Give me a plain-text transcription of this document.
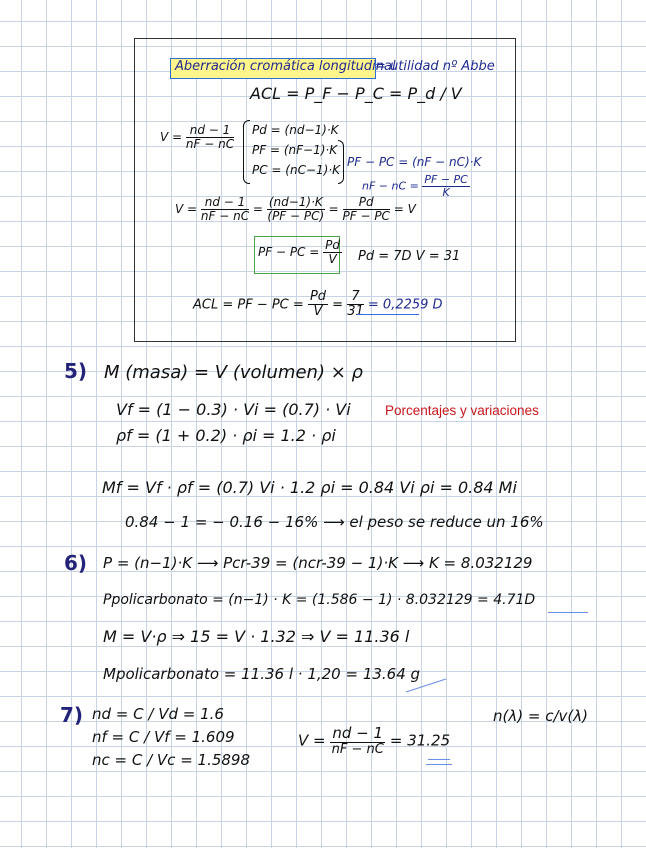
Aberración cromática longitudinal
= utilidad nº Abbe
ACL = P_F − P_C = P_d / V
$V = \frac{nd - 1}{nF - nC}$ Pd = (nd−1)·K
PF = (nF−1)·K
PC = (nC−1)·K
PF − PC = (nF − nC)·K
nF − nC = $\frac{PF - PC}{K}$
$V = \frac{nd - 1}{nF - nC} = \frac{(nd-1)\cdot K}{(PF - PC)} = \frac{Pd}{PF - PC} = V$
PF − PC = $\frac{Pd}{V}$ Pd = 7D V = 31
ACL = PF − PC = $\frac{Pd}{V} = \frac{7}{31} = 0,2259$ D
5) M (masa) = V (volumen) × ρ
Vf = (1 − 0.3) · Vi = (0.7) · Vi
ρf = (1 + 0.2) · ρi = 1.2 · ρi
Porcentajes y variaciones
Mf = Vf · ρf = (0.7) Vi · 1.2 ρi = 0.84 Vi ρi = 0.84 Mi
0.84 − 1 = − 0.16 − 16% ⟶ el peso se reduce un 16%
6) P = (n−1)·K ⟶ Pcr-39 = (ncr-39 − 1)·K ⟶ K = 8.032129
Ppolicarbonato = (n−1) · K = (1.586 − 1) · 8.032129 = 4.71D
M = V·ρ ⇒ 15 = V · 1.32 ⇒ V = 11.36 l
Mpolicarbonato = 11.36 l · 1,20 = 13.64 g
7) nd = C / Vd = 1.6
nf = C / Vf = 1.609
nc = C / Vc = 1.5898
$V = \frac{nd - 1}{nF - nC} = 31.25$
n(λ) = c/v(λ)
